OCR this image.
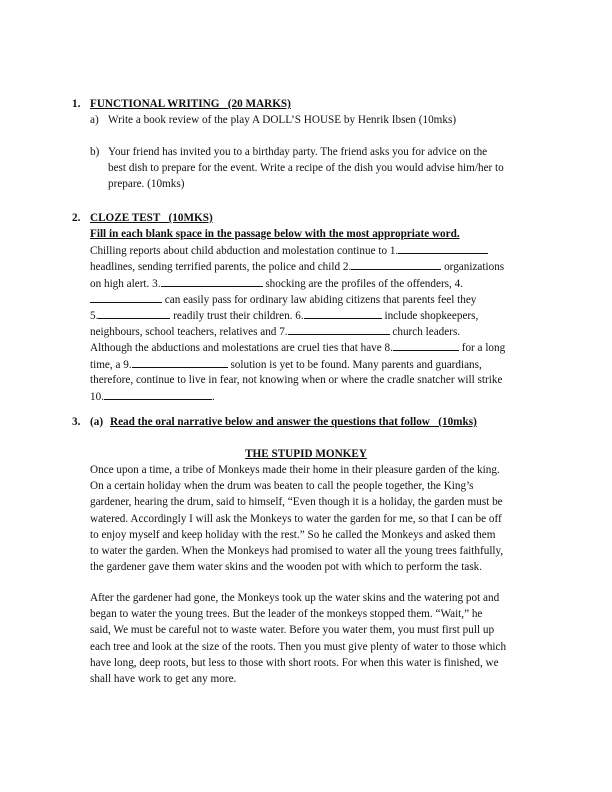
1. FUNCTIONAL WRITING   (20 MARKS)
a) Write a book review of the play A DOLL’S HOUSE by Henrik Ibsen (10mks)
b) Your friend has invited you to a birthday party. The friend asks you for advice on the
best dish to prepare for the event. Write a recipe of the dish you would advise him/her to
prepare. (10mks)
2. CLOZE TEST   (10MKS)
Fill in each blank space in the passage below with the most appropriate word.
Chilling reports about child abduction and molestation continue to 1.
headlines, sending terrified parents, the police and child 2.	organizations
on high alert. 3.	shocking are the profiles of the offenders, 4.
can easily pass for ordinary law abiding citizens that parents feel they
5.	readily trust their children. 6.	include shopkeepers,
neighbours, school teachers, relatives and 7.	church leaders.
Although the abductions and molestations are cruel ties that have 8.	for a long
time, a 9.	solution is yet to be found. Many parents and guardians,
therefore, continue to live in fear, not knowing when or where the cradle snatcher will strike
10.	.
3. (a) Read the oral narrative below and answer the questions that follow   (10mks)
THE STUPID MONKEY
Once upon a time, a tribe of Monkeys made their home in their pleasure garden of the king.
On a certain holiday when the drum was beaten to call the people together, the King’s
gardener, hearing the drum, said to himself, “Even though it is a holiday, the garden must be
watered. Accordingly I will ask the Monkeys to water the garden for me, so that I can be off
to enjoy myself and keep holiday with the rest.” So he called the Monkeys and asked them
to water the garden. When the Monkeys had promised to water all the young trees faithfully,
the gardener gave them water skins and the wooden pot with which to perform the task.
After the gardener had gone, the Monkeys took up the water skins and the watering pot and
began to water the young trees. But the leader of the monkeys stopped them. “Wait,” he
said, We must be careful not to waste water. Before you water them, you must first pull up
each tree and look at the size of the roots. Then you must give plenty of water to those which
have long, deep roots, but less to those with short roots. For when this water is finished, we
shall have work to get any more.
